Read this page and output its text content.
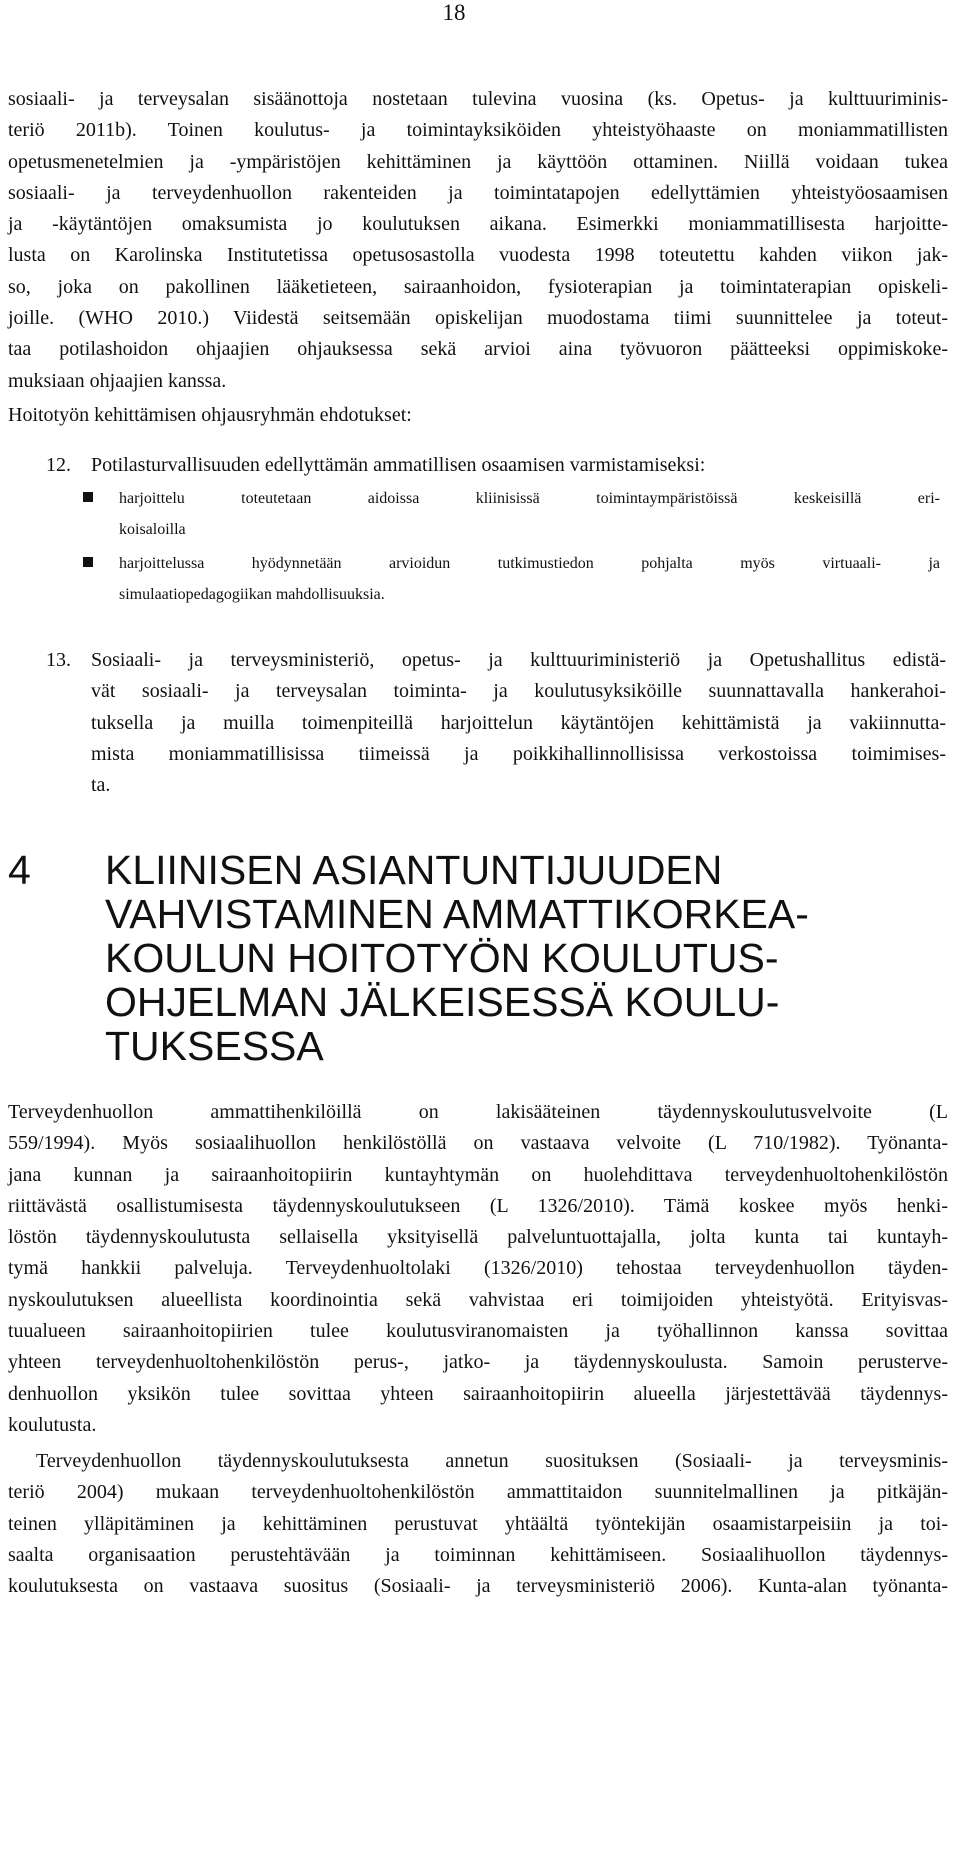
18
sosiaali- ja terveysalan sisäänottoja nostetaan tulevina vuosina (ks. Opetus- ja kulttuuriminis-
teriö 2011b). Toinen koulutus- ja toimintayksiköiden yhteistyöhaaste on moniammatillisten
opetusmenetelmien ja -ympäristöjen kehittäminen ja käyttöön ottaminen. Niillä voidaan tukea
sosiaali- ja terveydenhuollon rakenteiden ja toimintatapojen edellyttämien yhteistyöosaamisen
ja -käytäntöjen omaksumista jo koulutuksen aikana. Esimerkki moniammatillisesta harjoitte-
lusta on Karolinska Institutetissa opetusosastolla vuodesta 1998 toteutettu kahden viikon jak-
so, joka on pakollinen lääketieteen, sairaanhoidon, fysioterapian ja toimintaterapian opiskeli-
joille. (WHO 2010.) Viidestä seitsemään opiskelijan muodostama tiimi suunnittelee ja toteut-
taa potilashoidon ohjaajien ohjauksessa sekä arvioi aina työvuoron päätteeksi oppimiskoke-
muksiaan ohjaajien kanssa.
Hoitotyön kehittämisen ohjausryhmän ehdotukset:
12. Potilasturvallisuuden edellyttämän ammatillisen osaamisen varmistamiseksi:
harjoittelu toteutetaan aidoissa kliinisissä toimintaympäristöissä keskeisillä eri-
koisaloilla
harjoittelussa hyödynnetään arvioidun tutkimustiedon pohjalta myös virtuaali- ja
simulaatiopedagogiikan mahdollisuuksia.
13. Sosiaali- ja terveysministeriö, opetus- ja kulttuuriministeriö ja Opetushallitus edistä-
vät sosiaali- ja terveysalan toiminta- ja koulutusyksiköille suunnattavalla hankerahoi-
tuksella ja muilla toimenpiteillä harjoittelun käytäntöjen kehittämistä ja vakiinnutta-
mista moniammatillisissa tiimeissä ja poikkihallinnollisissa verkostoissa toimimises-
ta.
4 KLIINISEN ASIANTUNTIJUUDEN
VAHVISTAMINEN AMMATTIKORKEA-
KOULUN HOITOTYÖN KOULUTUS-
OHJELMAN JÄLKEISESSÄ KOULU-
TUKSESSA
Terveydenhuollon ammattihenkilöillä on lakisääteinen täydennyskoulutusvelvoite (L
559/1994). Myös sosiaalihuollon henkilöstöllä on vastaava velvoite (L 710/1982). Työnanta-
jana kunnan ja sairaanhoitopiirin kuntayhtymän on huolehdittava terveydenhuoltohenkilöstön
riittävästä osallistumisesta täydennyskoulutukseen (L 1326/2010). Tämä koskee myös henki-
löstön täydennyskoulutusta sellaisella yksityisellä palveluntuottajalla, jolta kunta tai kuntayh-
tymä hankkii palveluja. Terveydenhuoltolaki (1326/2010) tehostaa terveydenhuollon täyden-
nyskoulutuksen alueellista koordinointia sekä vahvistaa eri toimijoiden yhteistyötä. Erityisvas-
tuualueen sairaanhoitopiirien tulee koulutusviranomaisten ja työhallinnon kanssa sovittaa
yhteen terveydenhuoltohenkilöstön perus-, jatko- ja täydennyskoulusta. Samoin perusterve-
denhuollon yksikön tulee sovittaa yhteen sairaanhoitopiirin alueella järjestettävää täydennys-
koulutusta.
Terveydenhuollon täydennyskoulutuksesta annetun suosituksen (Sosiaali- ja terveysminis-
teriö 2004) mukaan terveydenhuoltohenkilöstön ammattitaidon suunnitelmallinen ja pitkäjän-
teinen ylläpitäminen ja kehittäminen perustuvat yhtäältä työntekijän osaamistarpeisiin ja toi-
saalta organisaation perustehtävään ja toiminnan kehittämiseen. Sosiaalihuollon täydennys-
koulutuksesta on vastaava suositus (Sosiaali- ja terveysministeriö 2006). Kunta-alan työnanta-
